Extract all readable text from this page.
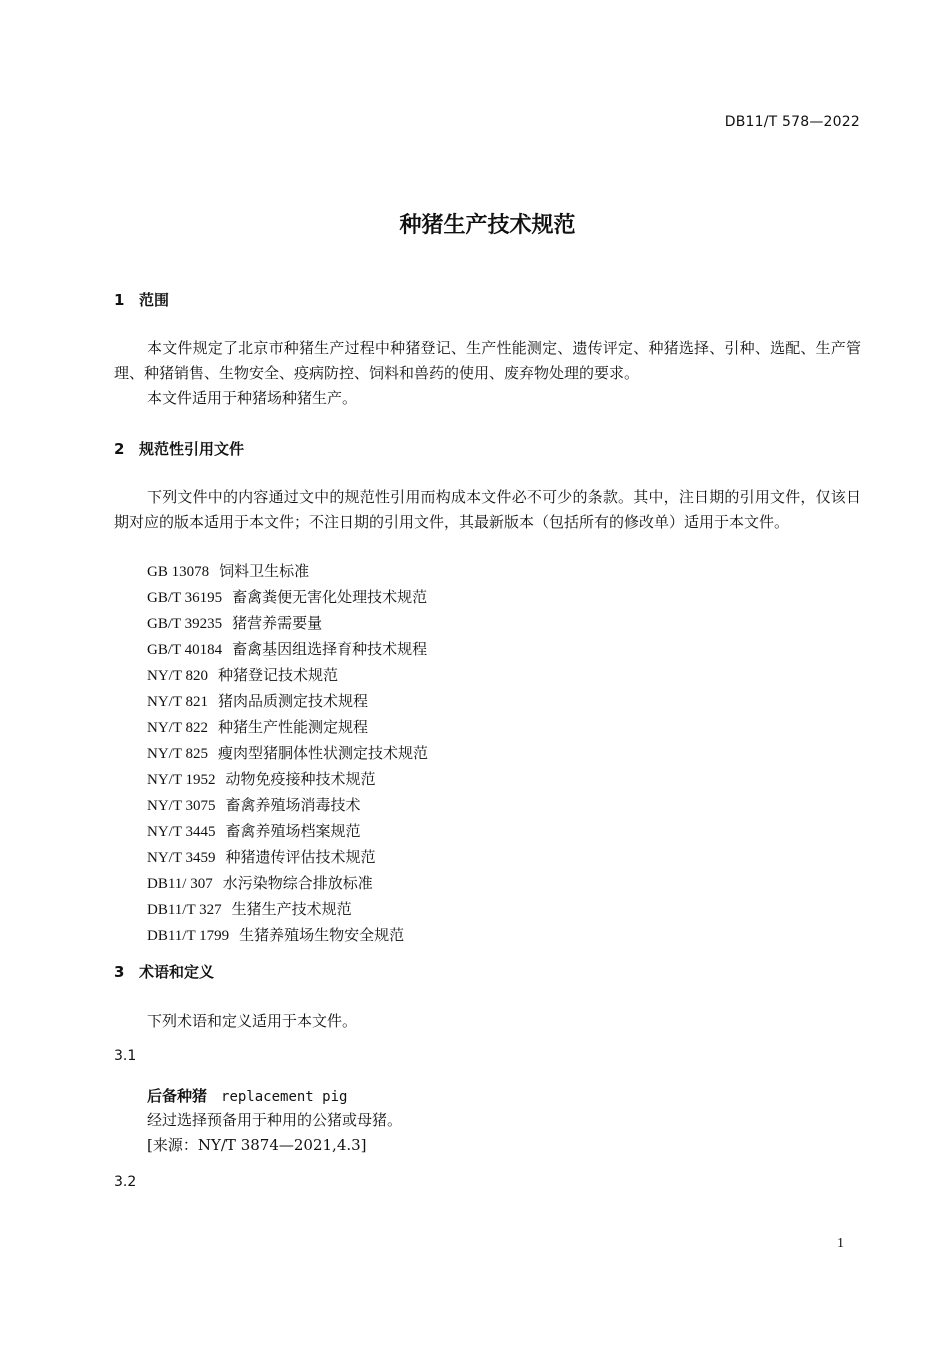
DB11/T 578—2022
种猪生产技术规范
1 范围
本文件规定了北京市种猪生产过程中种猪登记、生产性能测定、遗传评定、种猪选择、引种、选配、生产管理、种猪销售、生物安全、疫病防控、饲料和兽药的使用、废弃物处理的要求。
本文件适用于种猪场种猪生产。
2 规范性引用文件
下列文件中的内容通过文中的规范性引用而构成本文件必不可少的条款。其中，注日期的引用文件，仅该日期对应的版本适用于本文件；不注日期的引用文件，其最新版本（包括所有的修改单）适用于本文件。
GB 13078 饲料卫生标准
GB/T 36195 畜禽粪便无害化处理技术规范
GB/T 39235 猪营养需要量
GB/T 40184 畜禽基因组选择育种技术规程
NY/T 820 种猪登记技术规范
NY/T 821 猪肉品质测定技术规程
NY/T 822 种猪生产性能测定规程
NY/T 825 瘦肉型猪胴体性状测定技术规范
NY/T 1952 动物免疫接种技术规范
NY/T 3075 畜禽养殖场消毒技术
NY/T 3445 畜禽养殖场档案规范
NY/T 3459 种猪遗传评估技术规范
DB11/ 307 水污染物综合排放标准
DB11/T 327 生猪生产技术规范
DB11/T 1799 生猪养殖场生物安全规范
3 术语和定义
下列术语和定义适用于本文件。
3.1
后备种猪 replacement pig
经过选择预备用于种用的公猪或母猪。
[来源：NY/T 3874—2021,4.3]
3.2
1
